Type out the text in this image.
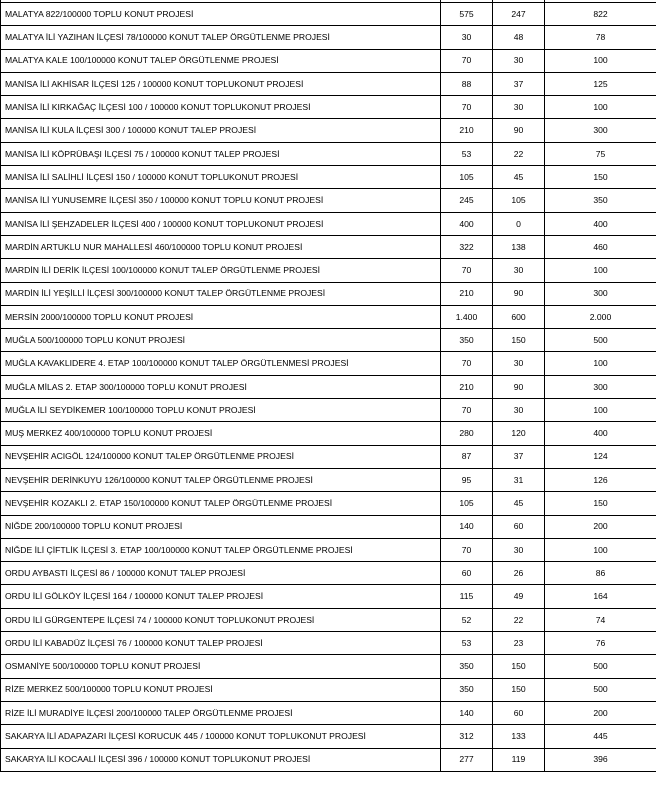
MALATYA 822/100000 TOPLU KONUT PROJESİ	575	247	822
MALATYA İLİ YAZIHAN İLÇESİ 78/100000 KONUT TALEP ÖRGÜTLENME PROJESİ	30	48	78
MALATYA KALE 100/100000 KONUT TALEP ÖRGÜTLENME PROJESİ	70	30	100
MANİSA İLİ AKHİSAR İLÇESİ 125 / 100000 KONUT TOPLUKONUT PROJESİ	88	37	125
MANİSA İLİ KIRKAĞAÇ İLÇESİ 100 / 100000 KONUT TOPLUKONUT PROJESİ	70	30	100
MANİSA İLİ KULA İLÇESİ 300 / 100000 KONUT TALEP PROJESİ	210	90	300
MANİSA İLİ KÖPRÜBAŞI İLÇESİ 75 / 100000 KONUT TALEP PROJESİ	53	22	75
MANİSA İLİ SALİHLİ İLÇESİ 150 / 100000 KONUT TOPLUKONUT PROJESİ	105	45	150
MANİSA İLİ YUNUSEMRE İLÇESİ 350 / 100000 KONUT TOPLU KONUT PROJESİ	245	105	350
MANİSA İLİ ŞEHZADELER İLÇESİ 400 / 100000 KONUT TOPLUKONUT PROJESİ	400	0	400
MARDİN ARTUKLU NUR MAHALLESİ 460/100000 TOPLU KONUT PROJESİ	322	138	460
MARDİN İLİ DERİK İLÇESİ 100/100000 KONUT TALEP ÖRGÜTLENME PROJESİ	70	30	100
MARDİN İLİ YEŞİLLİ İLÇESİ 300/100000 KONUT TALEP ÖRGÜTLENME PROJESİ	210	90	300
MERSİN 2000/100000 TOPLU KONUT PROJESİ	1.400	600	2.000
MUĞLA 500/100000 TOPLU KONUT PROJESİ	350	150	500
MUĞLA KAVAKLIDERE 4. ETAP 100/100000 KONUT TALEP ÖRGÜTLENMESİ PROJESİ	70	30	100
MUĞLA MİLAS 2. ETAP 300/100000 TOPLU KONUT PROJESİ	210	90	300
MUĞLA İLİ SEYDİKEMER 100/100000 TOPLU KONUT PROJESİ	70	30	100
MUŞ MERKEZ 400/100000 TOPLU KONUT PROJESİ	280	120	400
NEVŞEHİR ACIGÖL 124/100000 KONUT TALEP ÖRGÜTLENME PROJESİ	87	37	124
NEVŞEHİR DERİNKUYU 126/100000 KONUT TALEP ÖRGÜTLENME PROJESİ	95	31	126
NEVŞEHİR KOZAKLI 2. ETAP 150/100000 KONUT TALEP ÖRGÜTLENME PROJESİ	105	45	150
NİĞDE 200/100000 TOPLU KONUT PROJESİ	140	60	200
NİĞDE İLİ ÇİFTLİK İLÇESİ 3. ETAP 100/100000 KONUT TALEP ÖRGÜTLENME PROJESİ	70	30	100
ORDU AYBASTI İLÇESİ 86 / 100000 KONUT TALEP PROJESİ	60	26	86
ORDU İLİ GÖLKÖY İLÇESİ 164 / 100000 KONUT TALEP PROJESİ	115	49	164
ORDU İLİ GÜRGENTEPE İLÇESİ 74 / 100000 KONUT TOPLUKONUT PROJESİ	52	22	74
ORDU İLİ KABADÜZ İLÇESİ 76 / 100000 KONUT TALEP PROJESİ	53	23	76
OSMANİYE 500/100000 TOPLU KONUT PROJESİ	350	150	500
RİZE MERKEZ 500/100000 TOPLU KONUT PROJESİ	350	150	500
RİZE İLİ MURADİYE İLÇESİ 200/100000 TALEP ÖRGÜTLENME PROJESİ	140	60	200
SAKARYA İLİ ADAPAZARI İLÇESİ KORUCUK 445 / 100000 KONUT TOPLUKONUT PROJESİ	312	133	445
SAKARYA İLİ KOCAALİ İLÇESİ 396 / 100000 KONUT TOPLUKONUT PROJESİ	277	119	396
